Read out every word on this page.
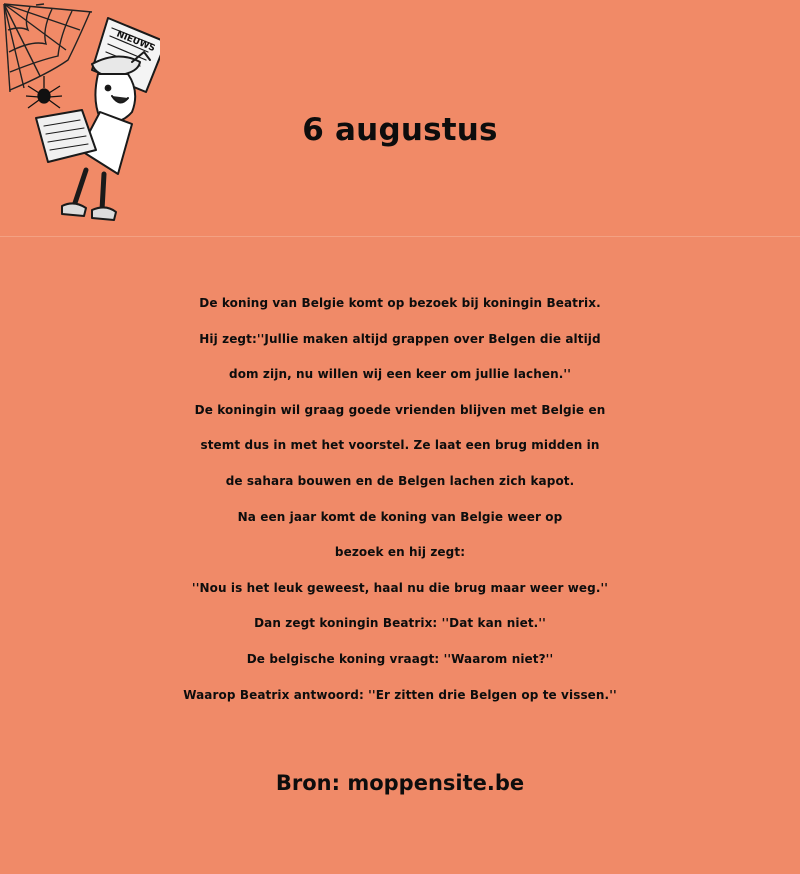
NIEUWS
6 augustus
De koning van Belgie komt op bezoek bij koningin Beatrix.
Hij zegt:''Jullie maken altijd grappen over Belgen die altijd
dom zijn, nu willen wij een keer om jullie lachen.''
De koningin wil graag goede vrienden blijven met Belgie en
stemt dus in met het voorstel. Ze laat een brug midden in
de sahara bouwen en de Belgen lachen zich kapot.
Na een jaar komt de koning van Belgie weer op
bezoek en hij zegt:
''Nou is het leuk geweest, haal nu die brug maar weer weg.''
Dan zegt koningin Beatrix: ''Dat kan niet.''
De belgische koning vraagt: ''Waarom niet?''
Waarop Beatrix antwoord: ''Er zitten drie Belgen op te vissen.''

Bron: moppensite.be
